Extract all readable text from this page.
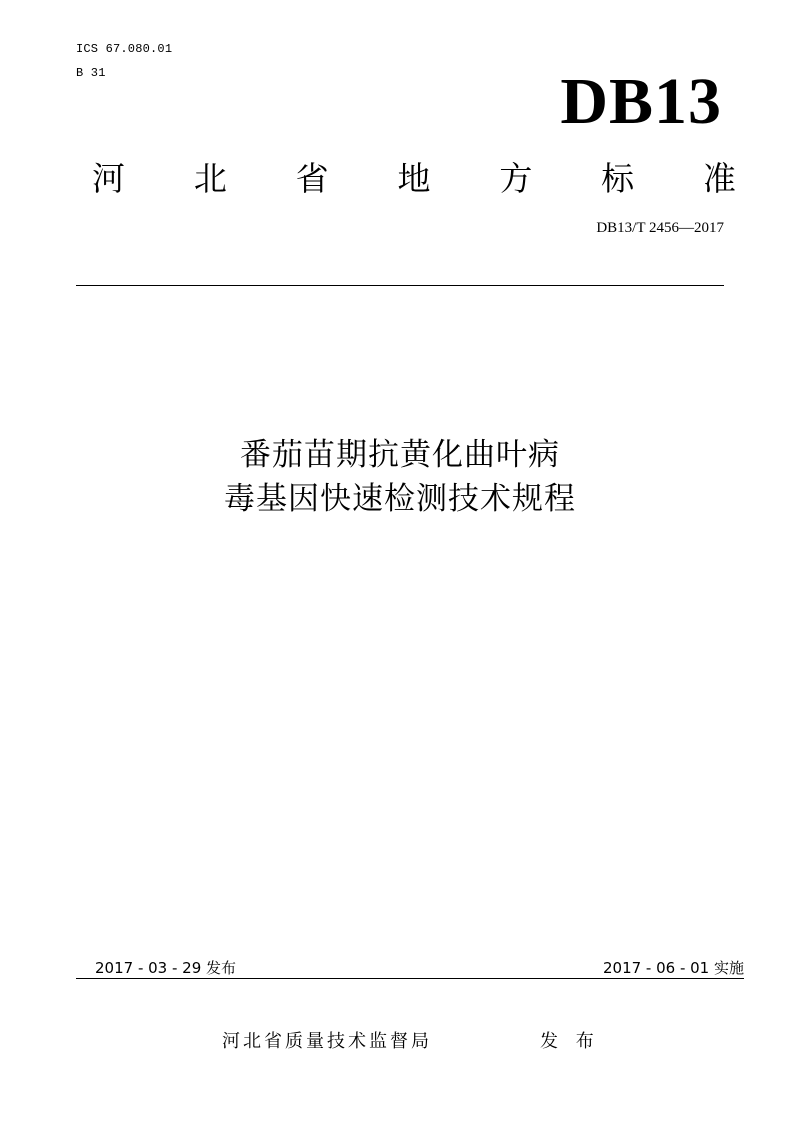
ICS 67.080.01
B 31	DB13
河 北 省 地 方 标 准
DB13/T 2456—2017
番茄苗期抗黄化曲叶病
毒基因快速检测技术规程
2017 - 03 - 29 发布	2017 - 06 - 01 实施
河北省质量技术监督局	发 布
